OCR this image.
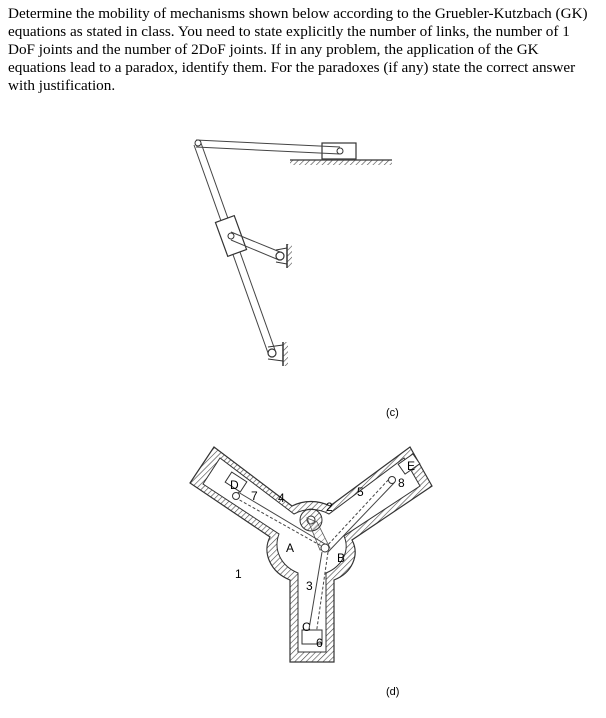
Determine the mobility of mechanisms shown below according to the Gruebler-Kutzbach (GK) equations as stated in class. You need to state explicitly the number of links, the number of 1 DoF joints and the number of 2DoF joints. If in any problem, the application of the GK equations lead to a paradox, identify them. For the paradoxes (if any) state the correct answer with justification.

(c)
D
E
A
B
C
1
2
3
4	5
6
7
8
(d)
